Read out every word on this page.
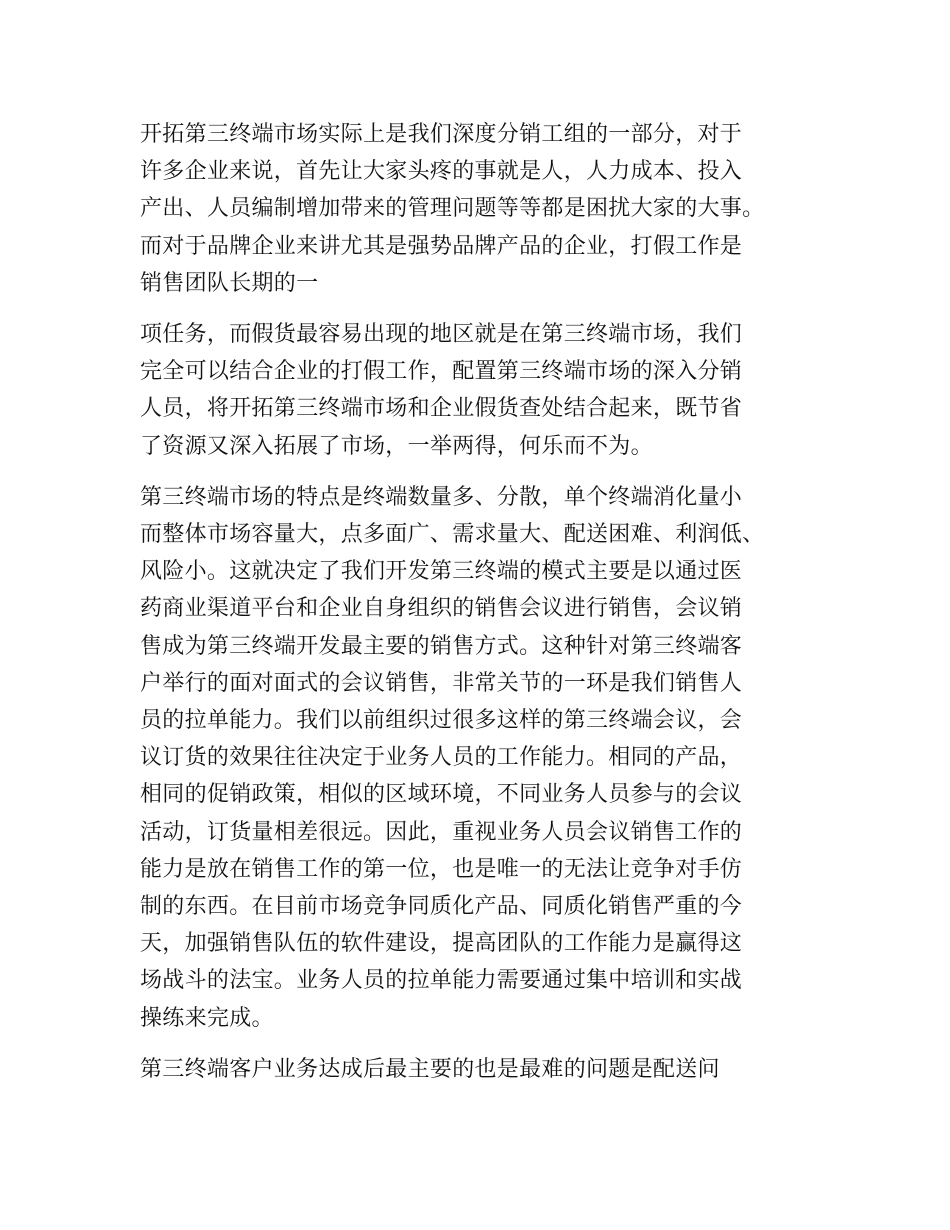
开拓第三终端市场实际上是我们深度分销工组的一部分，对于
许多企业来说，首先让大家头疼的事就是人，人力成本、投入
产出、人员编制增加带来的管理问题等等都是困扰大家的大事。
而对于品牌企业来讲尤其是强势品牌产品的企业，打假工作是
销售团队长期的一

项任务，而假货最容易出现的地区就是在第三终端市场，我们
完全可以结合企业的打假工作，配置第三终端市场的深入分销
人员，将开拓第三终端市场和企业假货查处结合起来，既节省
了资源又深入拓展了市场，一举两得，何乐而不为。

第三终端市场的特点是终端数量多、分散，单个终端消化量小
而整体市场容量大，点多面广、需求量大、配送困难、利润低、
风险小。这就决定了我们开发第三终端的模式主要是以通过医
药商业渠道平台和企业自身组织的销售会议进行销售，会议销
售成为第三终端开发最主要的销售方式。这种针对第三终端客
户举行的面对面式的会议销售，非常关节的一环是我们销售人
员的拉单能力。我们以前组织过很多这样的第三终端会议，会
议订货的效果往往决定于业务人员的工作能力。相同的产品，
相同的促销政策，相似的区域环境，不同业务人员参与的会议
活动，订货量相差很远。因此，重视业务人员会议销售工作的
能力是放在销售工作的第一位，也是唯一的无法让竞争对手仿
制的东西。在目前市场竞争同质化产品、同质化销售严重的今
天，加强销售队伍的软件建设，提高团队的工作能力是赢得这
场战斗的法宝。业务人员的拉单能力需要通过集中培训和实战
操练来完成。

第三终端客户业务达成后最主要的也是最难的问题是配送问
